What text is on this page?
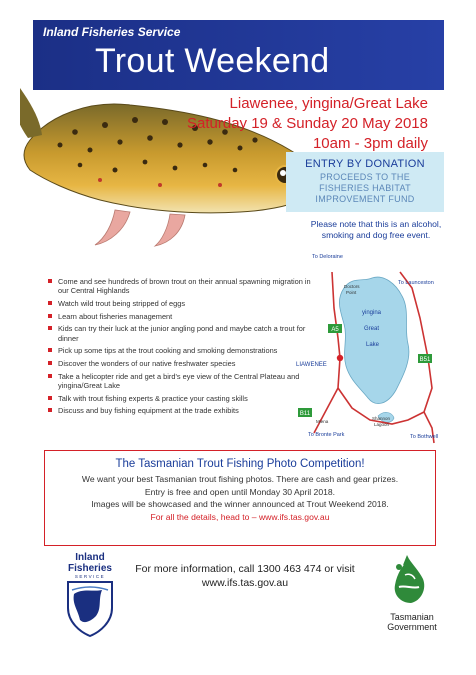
Inland Fisheries Service
Trout Weekend
Liawenee, yingina/Great Lake
Saturday 19 & Sunday 20 May 2018
10am - 3pm daily
ENTRY BY DONATION
PROCEEDS TO THE
FISHERIES HABITAT
IMPROVEMENT FUND
Please note that this is an alcohol,
smoking and dog free event.
Come and see hundreds of brown trout on their annual spawning migration in our Central Highlands
Watch wild trout being stripped of eggs
Learn about fisheries management
Kids can try their luck at the junior angling pond and maybe catch a trout for dinner
Pick up some tips at the trout cooking and smoking demonstrations
Discover the wonders of our native freshwater species
Take a helicopter ride and get a bird's eye view of the Central Plateau and yingina/Great Lake
Talk with trout fishing experts & practice your casting skills
Discuss and buy fishing equipment at the trade exhibits
A5
B51
B11
To Deloraine
To Launceston
Doctors
Point
yingina
Great
Lake
LIAWENEE
Miena
Shannon
Lagoon
To Bronte Park	To Bothwell
The Tasmanian Trout Fishing Photo Competition!
We want your best Tasmanian trout fishing photos. There are cash and gear prizes.
Entry is free and open until Monday 30 April 2018.
Images will be showcased and the winner announced at Trout Weekend 2018.
For all the details, head to – www.ifs.tas.gov.au
Inland
Fisheries
SERVICE
For more information, call 1300 463 474 or visit
www.ifs.tas.gov.au
Tasmanian
Government
